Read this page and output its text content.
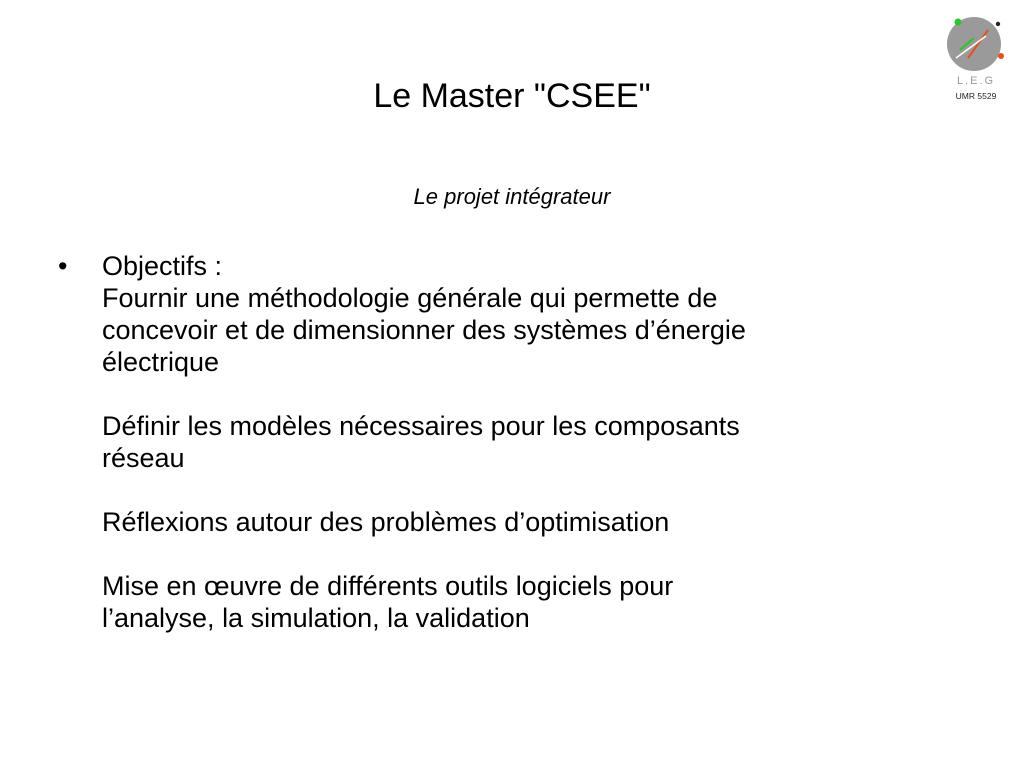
L.E.G
UMR 5529
Le Master "CSEE"

Le projet intégrateur

• Objectifs :
Fournir une méthodologie générale qui permette de
concevoir et de dimensionner des systèmes d’énergie
électrique
Définir les modèles nécessaires pour les composants
réseau
Réflexions autour des problèmes d’optimisation
Mise en œuvre de différents outils logiciels pour
l’analyse, la simulation, la validation
